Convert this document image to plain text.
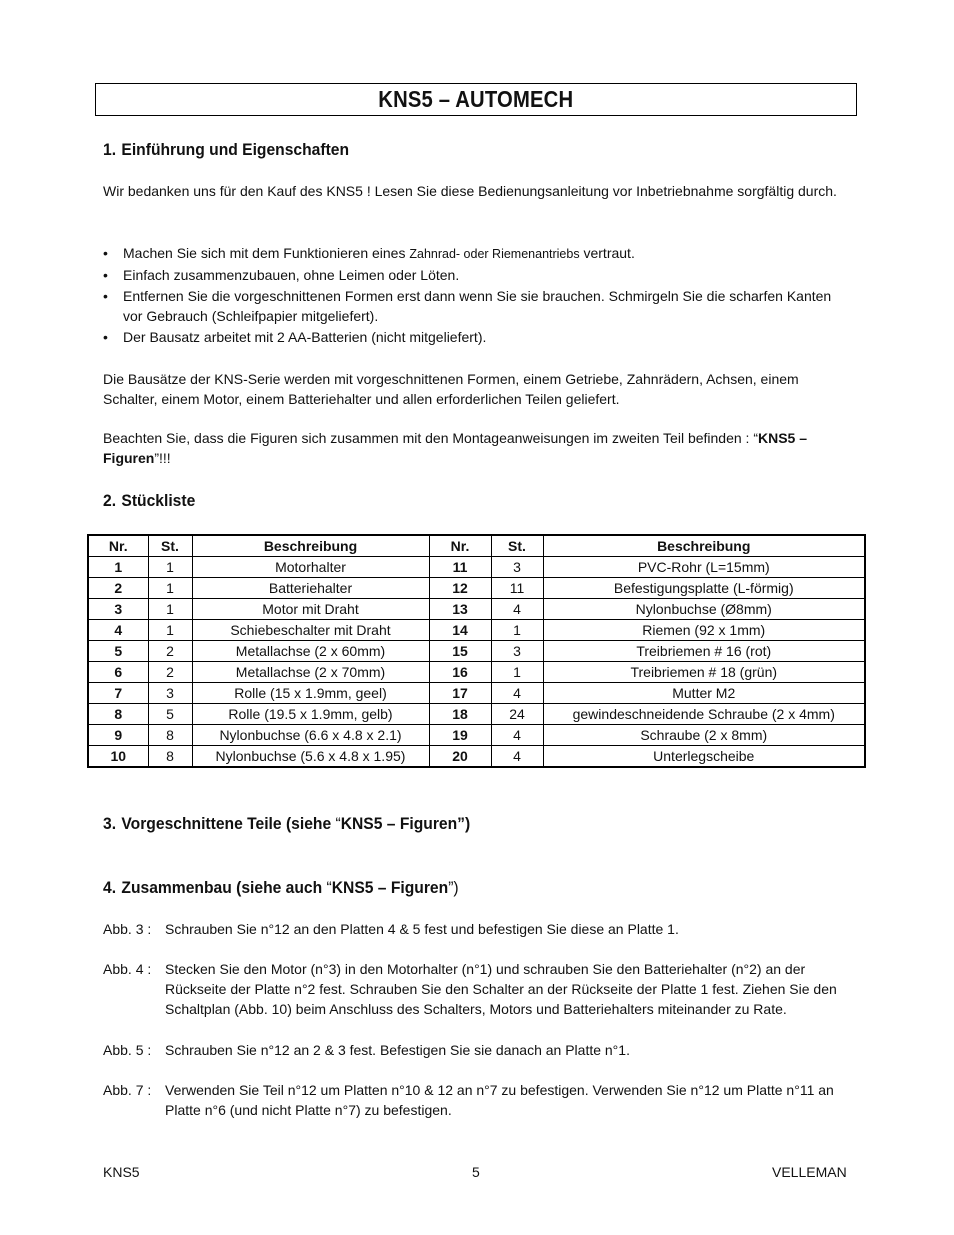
KNS5 – AUTOMECH
1. Einführung und Eigenschaften
Wir bedanken uns für den Kauf des KNS5 ! Lesen Sie diese Bedienungsanleitung vor Inbetriebnahme sorgfältig durch.
• Machen Sie sich mit dem Funktionieren eines Zahnrad- oder Riemenantriebs vertraut.
• Einfach zusammenzubauen, ohne Leimen oder Löten.
• Entfernen Sie die vorgeschnittenen Formen erst dann wenn Sie sie brauchen. Schmirgeln Sie die scharfen Kanten vor Gebrauch (Schleifpapier mitgeliefert).
• Der Bausatz arbeitet mit 2 AA-Batterien (nicht mitgeliefert).
Die Bausätze der KNS-Serie werden mit vorgeschnittenen Formen, einem Getriebe, Zahnrädern, Achsen, einem Schalter, einem Motor, einem Batteriehalter und allen erforderlichen Teilen geliefert.
Beachten Sie, dass die Figuren sich zusammen mit den Montageanweisungen im zweiten Teil befinden : “KNS5 – Figuren”!!!
2. Stückliste
Nr.	St.	Beschreibung	Nr.	St.	Beschreibung
1	1	Motorhalter	11	3	PVC-Rohr (L=15mm)
2	1	Batteriehalter	12	11	Befestigungsplatte (L-förmig)
3	1	Motor mit Draht	13	4	Nylonbuchse (Ø8mm)
4	1	Schiebeschalter mit Draht	14	1	Riemen (92 x 1mm)
5	2	Metallachse (2 x 60mm)	15	3	Treibriemen # 16 (rot)
6	2	Metallachse (2 x 70mm)	16	1	Treibriemen # 18 (grün)
7	3	Rolle (15 x 1.9mm, geel)	17	4	Mutter M2
8	5	Rolle (19.5 x 1.9mm, gelb)	18	24	gewindeschneidende Schraube (2 x 4mm)
9	8	Nylonbuchse (6.6 x 4.8 x 2.1)	19	4	Schraube (2 x 8mm)
10	8	Nylonbuchse (5.6 x 4.8 x 1.95)	20	4	Unterlegscheibe
3. Vorgeschnittene Teile (siehe “KNS5 – Figuren”)
4. Zusammenbau (siehe auch “KNS5 – Figuren”)
Abb. 3 : Schrauben Sie n°12 an den Platten 4 & 5 fest und befestigen Sie diese an Platte 1.
Abb. 4 : Stecken Sie den Motor (n°3) in den Motorhalter (n°1) und schrauben Sie den Batteriehalter (n°2) an der Rückseite der Platte n°2 fest. Schrauben Sie den Schalter an der Rückseite der Platte 1 fest. Ziehen Sie den Schaltplan (Abb. 10) beim Anschluss des Schalters, Motors und Batteriehalters miteinander zu Rate.
Abb. 5 : Schrauben Sie n°12 an 2 & 3 fest. Befestigen Sie sie danach an Platte n°1.
Abb. 7 : Verwenden Sie Teil n°12 um Platten n°10 & 12 an n°7 zu befestigen. Verwenden Sie n°12 um Platte n°11 an Platte n°6 (und nicht Platte n°7) zu befestigen.
KNS5	5	VELLEMAN
